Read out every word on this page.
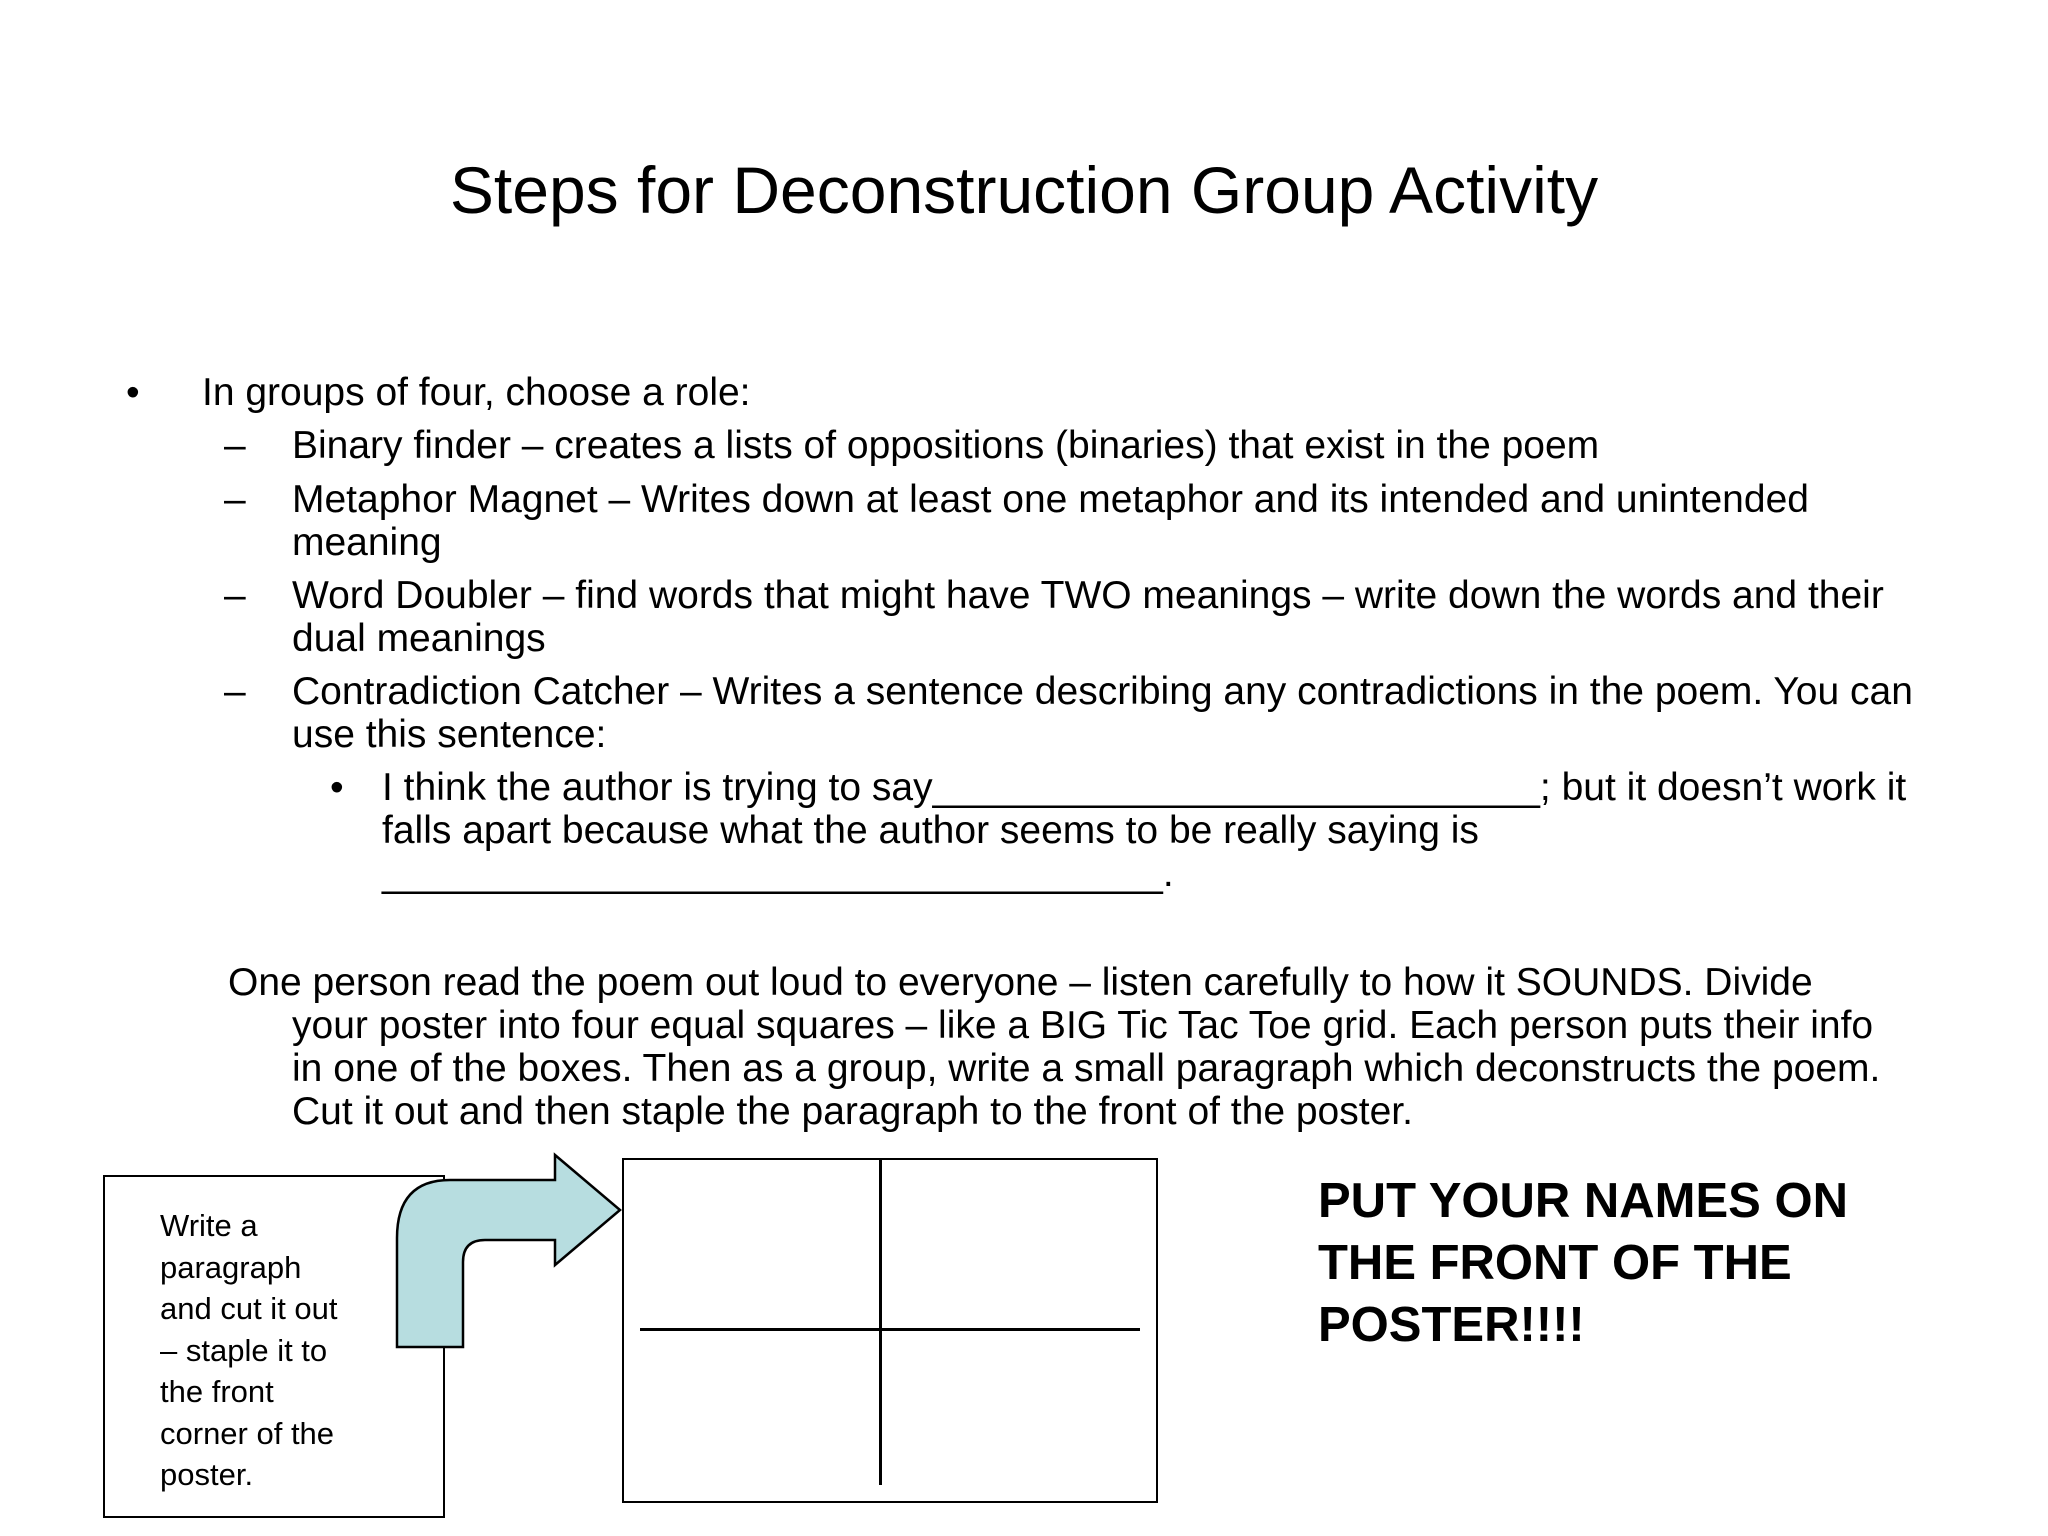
Steps for Deconstruction Group Activity
• In groups of four, choose a role:
– Binary finder – creates a lists of oppositions (binaries) that exist in the poem
– Metaphor Magnet – Writes down at least one metaphor and its intended and unintended meaning
– Word Doubler – find words that might have TWO meanings – write down the words and their dual meanings
– Contradiction Catcher – Writes a sentence describing any contradictions in the poem. You can use this sentence:
• I think the author is trying to say____________________________; but it doesn’t work it falls apart because what the author seems to be really saying is ____________________________________.
One person read the poem out loud to everyone – listen carefully to how it SOUNDS. Divide
your poster into four equal squares – like a BIG Tic Tac Toe grid. Each person puts their info
in one of the boxes. Then as a group, write a small paragraph which deconstructs the poem.
Cut it out and then staple the paragraph to the front of the poster.
Write a
paragraph
and cut it out
– staple it to
the front
corner of the
poster.
PUT YOUR NAMES ON
THE FRONT OF THE
POSTER!!!!
